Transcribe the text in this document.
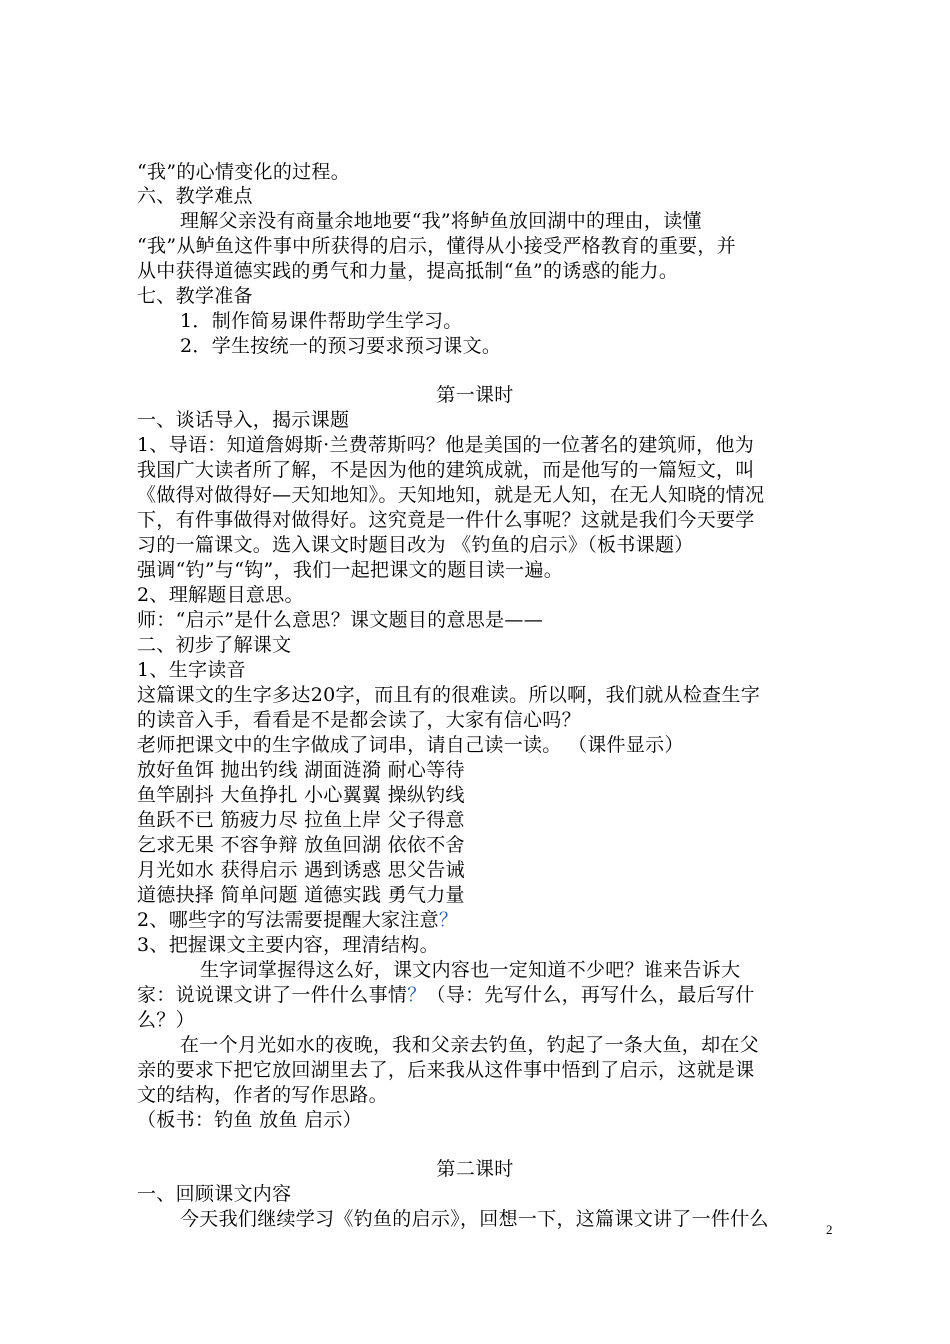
“我”的心情变化的过程。
六、教学难点
理解父亲没有商量余地地要“我”将鲈鱼放回湖中的理由，读懂
“我”从鲈鱼这件事中所获得的启示，懂得从小接受严格教育的重要，并
从中获得道德实践的勇气和力量，提高抵制“鱼”的诱惑的能力。
七、教学准备
1．制作简易课件帮助学生学习。
2．学生按统一的预习要求预习课文。
第一课时
一、谈话导入，揭示课题
1、导语：知道詹姆斯·兰费蒂斯吗？他是美国的一位著名的建筑师，他为
我国广大读者所了解，不是因为他的建筑成就，而是他写的一篇短文，叫
《做得对做得好—天知地知》。天知地知，就是无人知，在无人知晓的情况
下，有件事做得对做得好。这究竟是一件什么事呢？这就是我们今天要学
习的一篇课文。选入课文时题目改为 《钓鱼的启示》（板书课题）
强调“钓”与“钩”，我们一起把课文的题目读一遍。
2、理解题目意思。
师：“启示”是什么意思？课文题目的意思是——
二、初步了解课文
1、生字读音
这篇课文的生字多达20字，而且有的很难读。所以啊，我们就从检查生字
的读音入手，看看是不是都会读了，大家有信心吗？
老师把课文中的生字做成了词串，请自己读一读。 （课件显示）
放好鱼饵 抛出钓线 湖面涟漪 耐心等待
鱼竿剧抖 大鱼挣扎 小心翼翼 操纵钓线
鱼跃不已 筋疲力尽 拉鱼上岸 父子得意
乞求无果 不容争辩 放鱼回湖 依依不舍
月光如水 获得启示 遇到诱惑 思父告诫
道德抉择 简单问题 道德实践 勇气力量
2、哪些字的写法需要提醒大家注意？
3、把握课文主要内容，理清结构。
生字词掌握得这么好，课文内容也一定知道不少吧？谁来告诉大
家：说说课文讲了一件什么事情？（导：先写什么，再写什么，最后写什
么？）
在一个月光如水的夜晚，我和父亲去钓鱼，钓起了一条大鱼，却在父
亲的要求下把它放回湖里去了，后来我从这件事中悟到了启示，这就是课
文的结构，作者的写作思路。
（板书：钓鱼 放鱼 启示）
第二课时
一、回顾课文内容
今天我们继续学习《钓鱼的启示》，回想一下，这篇课文讲了一件什么	2
